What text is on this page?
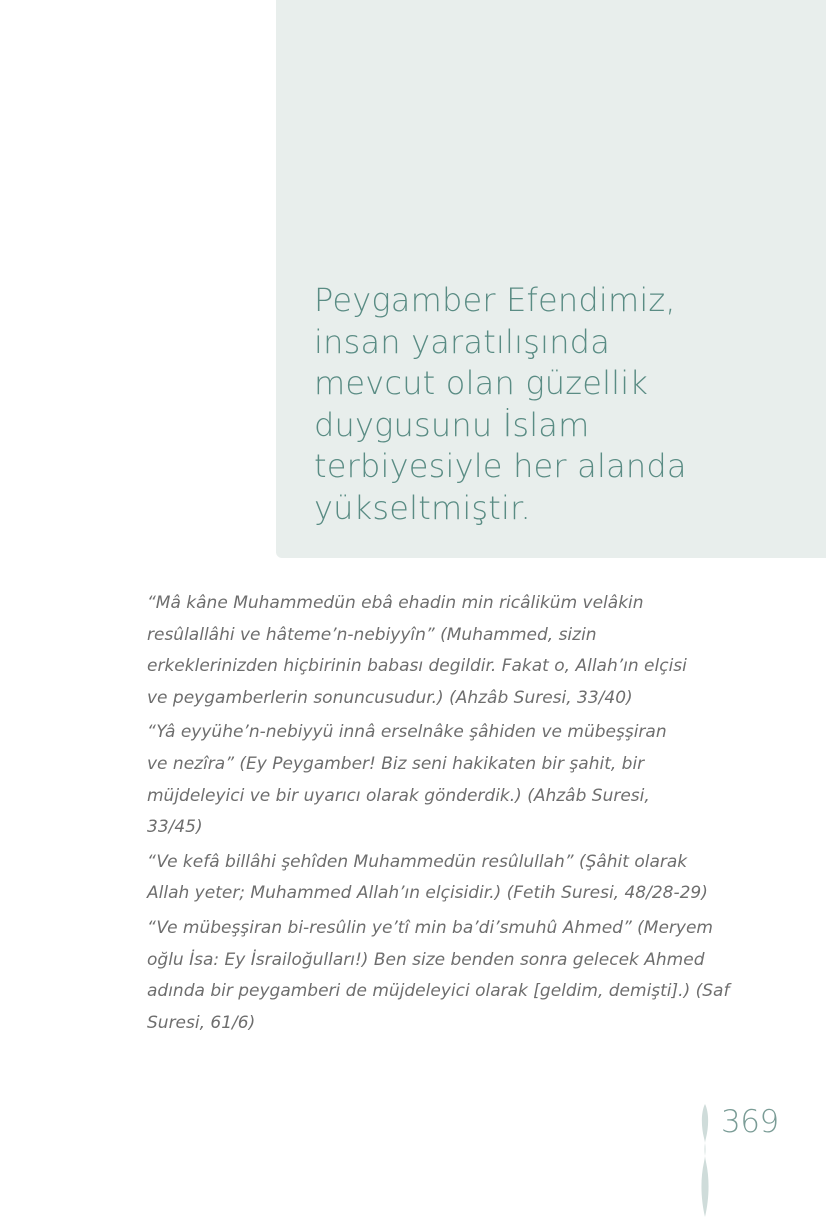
Peygamber Efendimiz,
insan yaratılışında
mevcut olan güzellik
duygusunu İslam
terbiyesiyle her alanda
yükseltmiştir.

“Mâ kâne Muhammedün ebâ ehadin min ricâliküm velâkin
resûlallâhi ve hâteme’n-nebiyyîn” (Muhammed, sizin
erkeklerinizden hiçbirinin babası degildir. Fakat o, Allah’ın elçisi
ve peygamberlerin sonuncusudur.) (Ahzâb Suresi, 33/40)

“Yâ eyyühe’n-nebiyyü innâ erselnâke şâhiden ve mübeşşiran
ve nezîra” (Ey Peygamber! Biz seni hakikaten bir şahit, bir
müjdeleyici ve bir uyarıcı olarak gönderdik.) (Ahzâb Suresi,
33/45)

“Ve kefâ billâhi şehîden Muhammedün resûlullah” (Şâhit olarak
Allah yeter; Muhammed Allah’ın elçisidir.) (Fetih Suresi, 48/28-29)

“Ve mübeşşiran bi-resûlin ye’tî min ba’di’smuhû Ahmed” (Meryem
oğlu İsa: Ey İsrailoğulları!) Ben size benden sonra gelecek Ahmed
adında bir peygamberi de müjdeleyici olarak [geldim, demişti].) (Saf
Suresi, 61/6)

369
